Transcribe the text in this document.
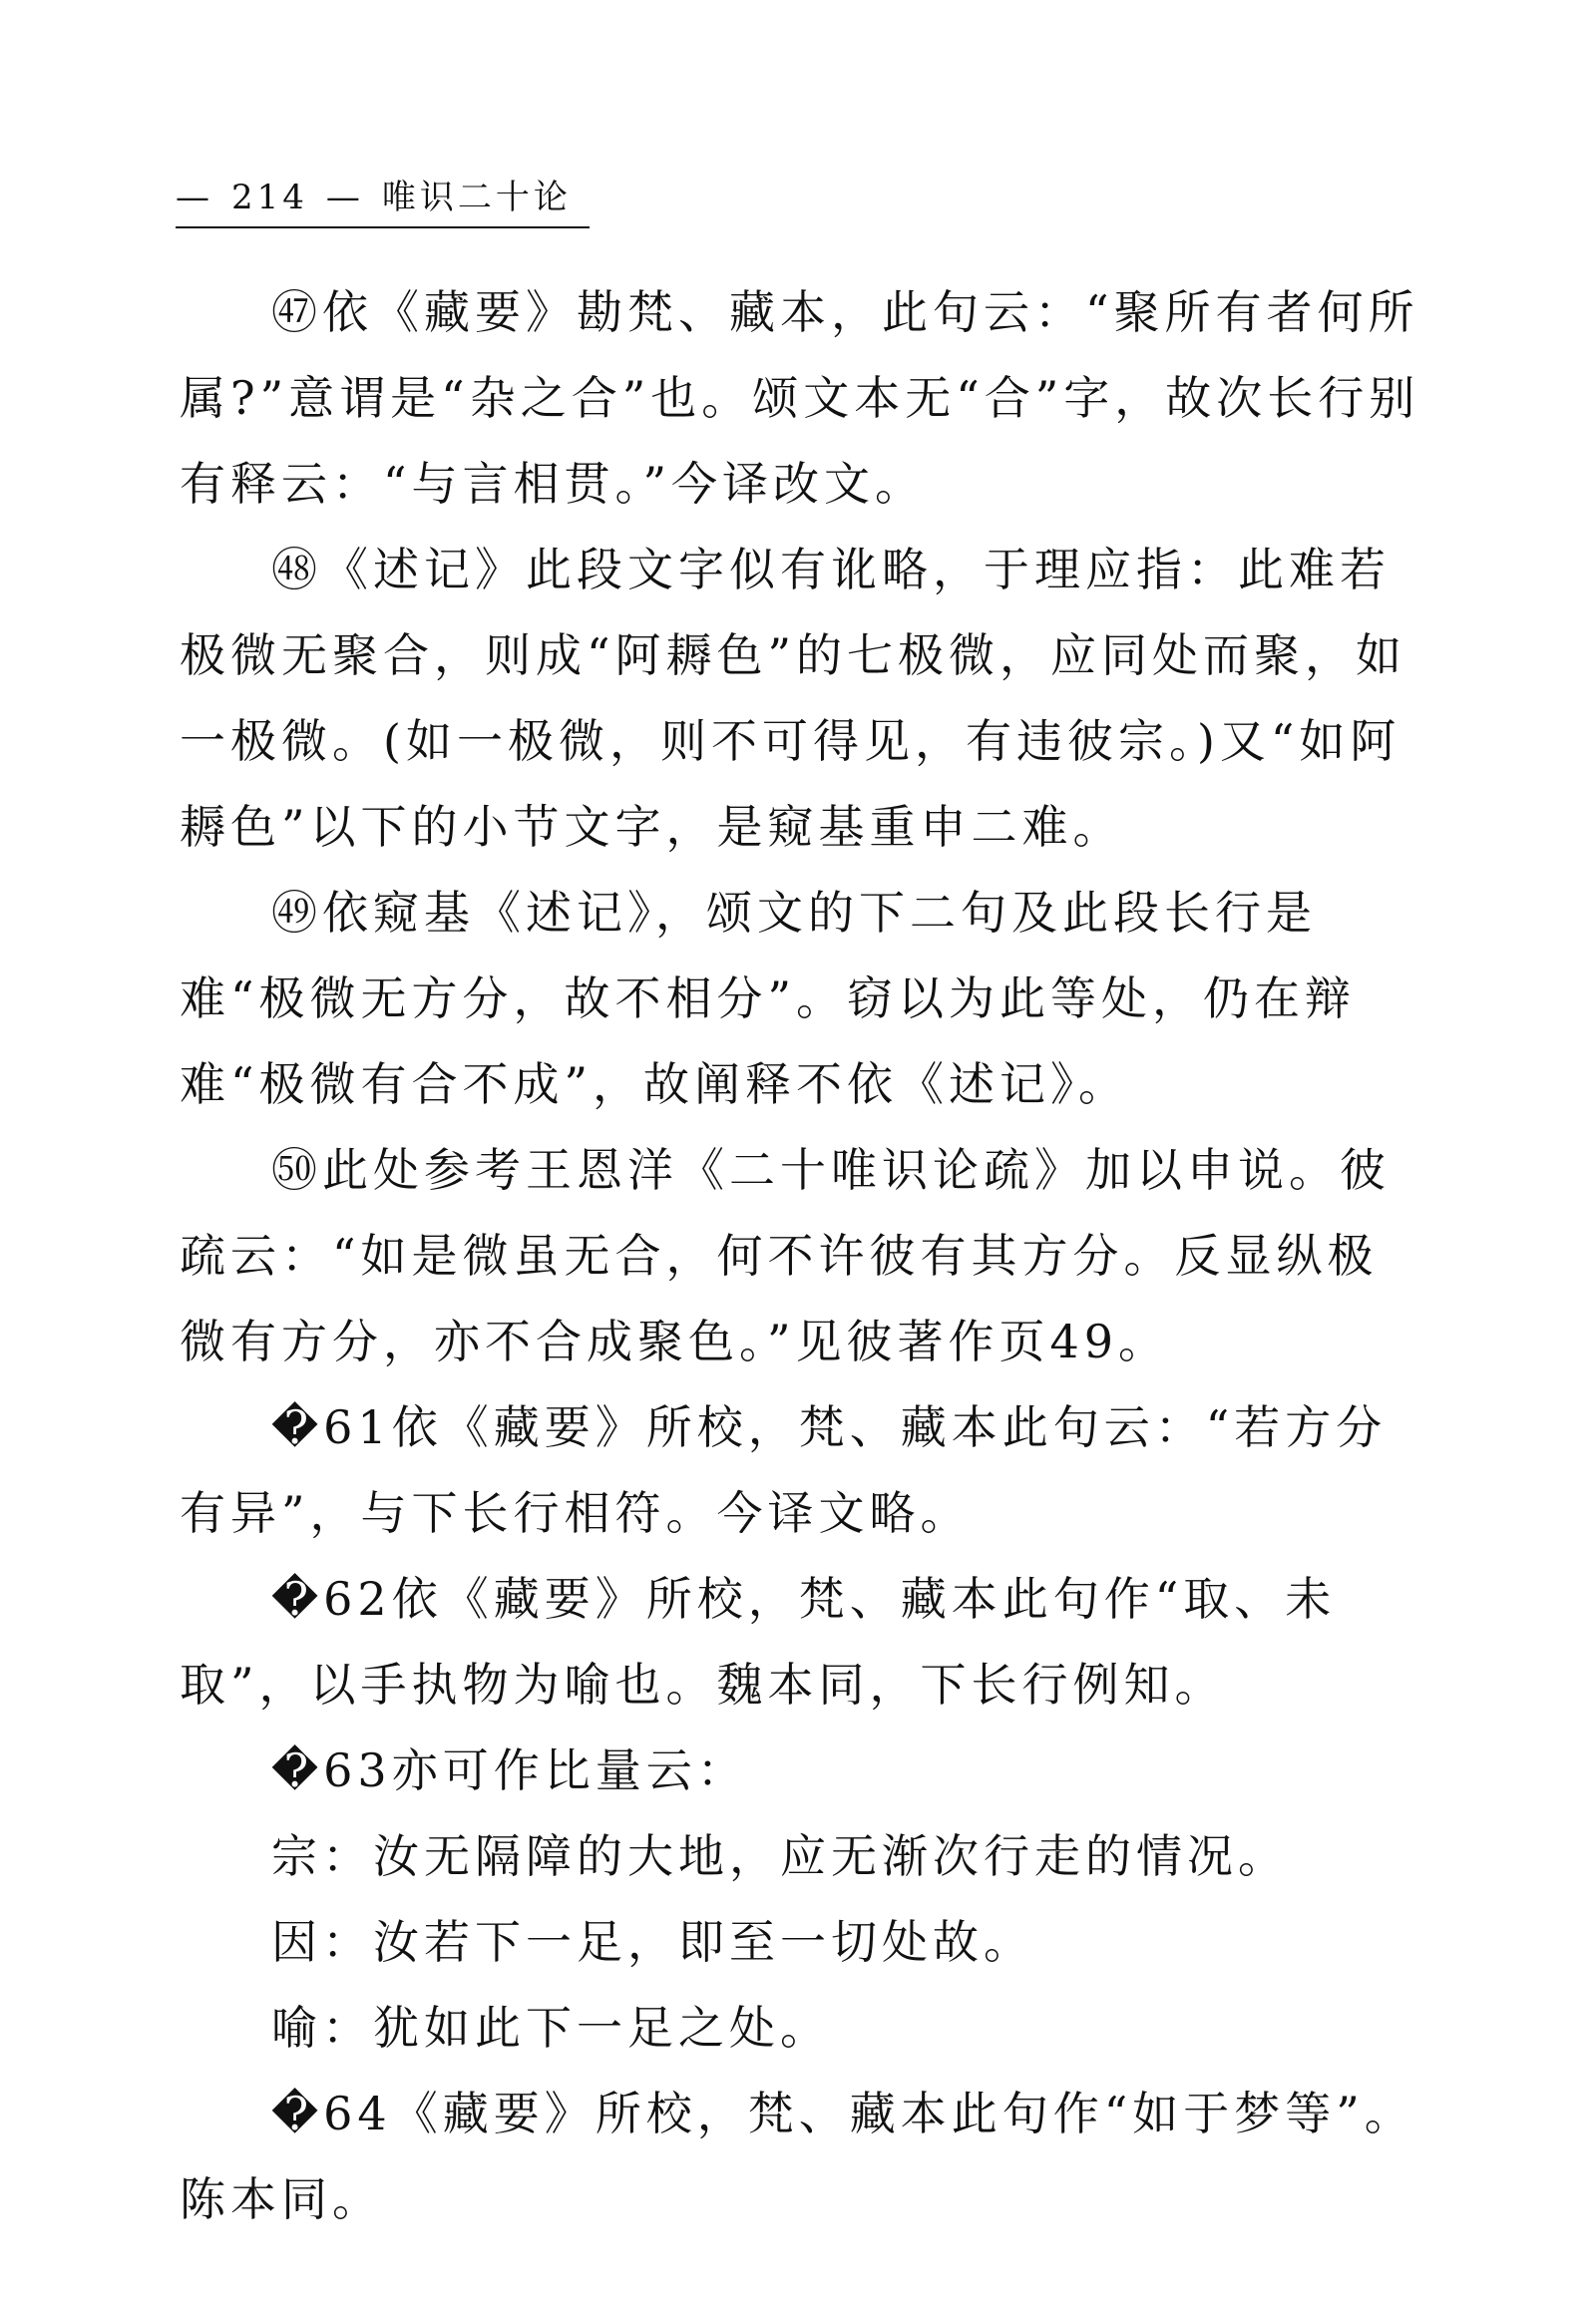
— 214 — 唯识二十论

㊼依《藏要》勘梵、藏本，此句云：“聚所有者何所属?”意谓是“杂之合”也。颂文本无“合”字，故次长行别有释云：“与言相贯。”今译改文。

㊽《述记》此段文字似有讹略，于理应指：此难若极微无聚合，则成“阿耨色”的七极微，应同处而聚，如一极微。(如一极微，则不可得见，有违彼宗。)又“如阿耨色”以下的小节文字，是窥基重申二难。

㊾依窥基《述记》，颂文的下二句及此段长行是难“极微无方分，故不相分”。窃以为此等处，仍在辩难“极微有合不成”，故阐释不依《述记》。

㊿此处参考王恩洋《二十唯识论疏》加以申说。彼疏云：“如是微虽无合，何不许彼有其方分。反显纵极微有方分，亦不合成聚色。”见彼著作页49。

�61依《藏要》所校，梵、藏本此句云：“若方分有异”，与下长行相符。今译文略。

�62依《藏要》所校，梵、藏本此句作“取、未取”，以手执物为喻也。魏本同，下长行例知。

�63亦可作比量云：

宗：汝无隔障的大地，应无渐次行走的情况。

因：汝若下一足，即至一切处故。

喻：犹如此下一足之处。

�64《藏要》所校，梵、藏本此句作“如于梦等”。陈本同。
